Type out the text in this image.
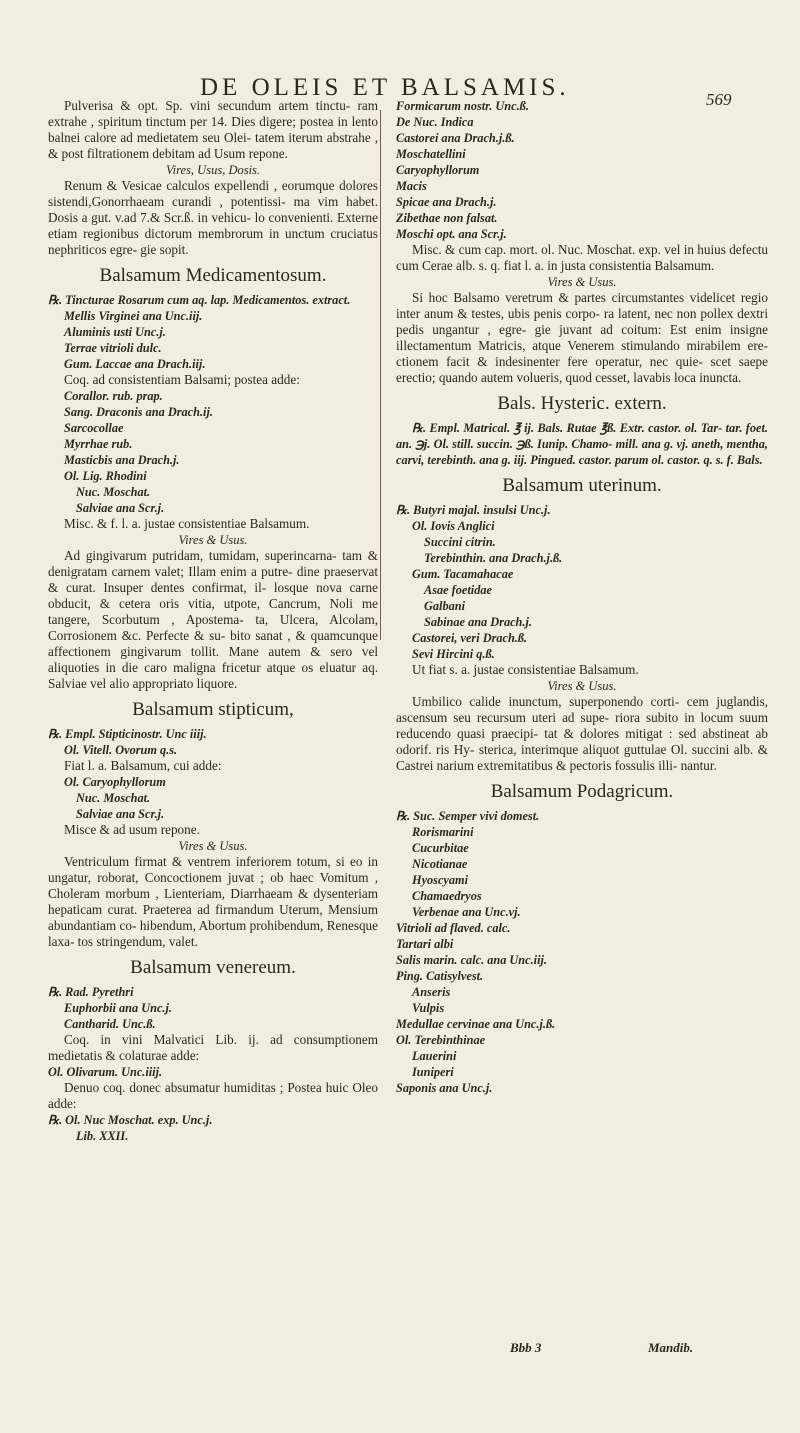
DE OLEIS ET BALSAMIS.	569

Pulverisa & opt. Sp. vini secundum artem tinctu- ram extrahe , spiritum tinctum per 14. Dies digere; postea in lento balnei calore ad medietatem seu Olei- tatem iterum abstrahe , & post filtrationem debitam ad Usum repone.

Vires, Usus, Dosis.

Renum & Vesicae calculos expellendi , eorumque dolores sistendi,Gonorrhaeam curandi , potentissi- ma vim habet. Dosis a gut. v.ad 7.& Scr.ß. in vehicu- lo convenienti. Externe etiam regionibus dictorum membrorum in unctum cruciatus nephriticos egre- gie sopit.

Balsamum Medicamentosum.

℞. Tincturae Rosarum cum aq. lap. Medicamentos. extract.

Mellis Virginei ana Unc.iij.

Aluminis usti Unc.j.

Terrae vitrioli dulc.

Gum. Laccae ana Drach.iij.

Coq. ad consistentiam Balsami; postea adde:

Corallor. rub. prap.

Sang. Draconis ana Drach.ij.

Sarcocollae

Myrrhae rub.

Masticbis ana Drach.j.

Ol. Lig. Rhodini

Nuc. Moschat.

Salviae ana Scr.j.

Misc. & f. l. a. justae consistentiae Balsamum.

Vires & Usus.

Ad gingivarum putridam, tumidam, superincarna- tam & denigratam carnem valet; Illam enim a putre- dine praeservat & curat. Insuper dentes confirmat, il- losque nova carne obducit, & cetera oris vitia, utpote, Cancrum, Noli me tangere, Scorbutum , Apostema- ta, Ulcera, Alcolam, Corrosionem &c. Perfecte & su- bito sanat , & quamcunque affectionem gingivarum tollit. Mane autem & sero vel aliquoties in die caro maligna fricetur atque os eluatur aq. Salviae vel alio appropriato liquore.

Balsamum stipticum,

℞. Empl. Stipticinostr. Unc iiij.

Ol. Vitell. Ovorum q.s.

Fiat l. a. Balsamum, cui adde:

Ol. Caryophyllorum

Nuc. Moschat.

Salviae ana Scr.j.

Misce & ad usum repone.

Vires & Usus.

Ventriculum firmat & ventrem inferiorem totum, si eo in ungatur, roborat, Concoctionem juvat ; ob haec Vomitum , Choleram morbum , Lienteriam, Diarrhaeam & dysenteriam hepaticam curat. Praeterea ad firmandum Uterum, Mensium abundantiam co- hibendum, Abortum prohibendum, Renesque laxa- tos stringendum, valet.

Balsamum venereum.

℞. Rad. Pyrethri

Euphorbii ana Unc.j.

Cantharid. Unc.ß.

Coq. in vini Malvatici Lib. ij. ad consumptionem medietatis & colaturae adde:

Ol. Olivarum. Unc.iiij.

Denuo coq. donec absumatur humiditas ; Postea huic Oleo adde:

℞. Ol. Nuc Moschat. exp. Unc.j.

Lib. XXII.

Formicarum nostr. Unc.ß.

De Nuc. Indica

Castorei ana Drach.j.ß.

Moschatellini

Caryophyllorum

Macis

Spicae ana Drach.j.

Zibethae non falsat.

Moschi opt. ana Scr.j.

Misc. & cum cap. mort. ol. Nuc. Moschat. exp. vel in huius defectu cum Cerae alb. s. q. fiat l. a. in justa consistentia Balsamum.

Vires & Usus.

Si hoc Balsamo veretrum & partes circumstantes videlicet regio inter anum & testes, ubis penis corpo- ra latent, nec non pollex dextri pedis ungantur , egre- gie juvant ad coitum: Est enim insigne illectamentum Matricis, atque Venerem stimulando mirabilem ere- ctionem facit & indesinenter fere operatur, nec quie- scet saepe erectio; quando autem volueris, quod cesset, lavabis loca inuncta.

Bals. Hysteric. extern.

℞. Empl. Matrical. ℥ ij. Bals. Rutae ℥ß. Extr. castor. ol. Tar- tar. foet. an. ℈j. Ol. still. succin. ℈ß. Iunip. Chamo- mill. ana g. vj. aneth, mentha, carvi, terebinth. ana g. iij. Pingued. castor. parum ol. castor. q. s. f. Bals.

Balsamum uterinum.

℞. Butyri majal. insulsi Unc.j.

Ol. Iovis Anglici

Succini citrin.

Terebinthin. ana Drach.j.ß.

Gum. Tacamahacae

Asae foetidae

Galbani

Sabinae ana Drach.j.

Castorei, veri Drach.ß.

Sevi Hircini q.ß.

Ut fiat s. a. justae consistentiae Balsamum.

Vires & Usus.

Umbilico calide inunctum, superponendo corti- cem juglandis, ascensum seu recursum uteri ad supe- riora subito in locum suum reducendo quasi praecipi- tat & dolores mitigat : sed abstineat ab odorif. ris Hy- sterica, interimque aliquot guttulae Ol. succini alb. & Castrei narium extremitatibus & pectoris fossulis illi- nantur.

Balsamum Podagricum.

℞. Suc. Semper vivi domest.

Rorismarini

Cucurbitae

Nicotianae

Hyoscyami

Chamaedryos

Verbenae ana Unc.vj.

Vitrioli ad flaved. calc.

Tartari albi

Salis marin. calc. ana Unc.iij.

Ping. Catisylvest.

Anseris

Vulpis

Medullae cervinae ana Unc.j.ß.

Ol. Terebinthinae

Lauerini

Iuniperi

Saponis ana Unc.j.

Bbb 3	Mandib.
